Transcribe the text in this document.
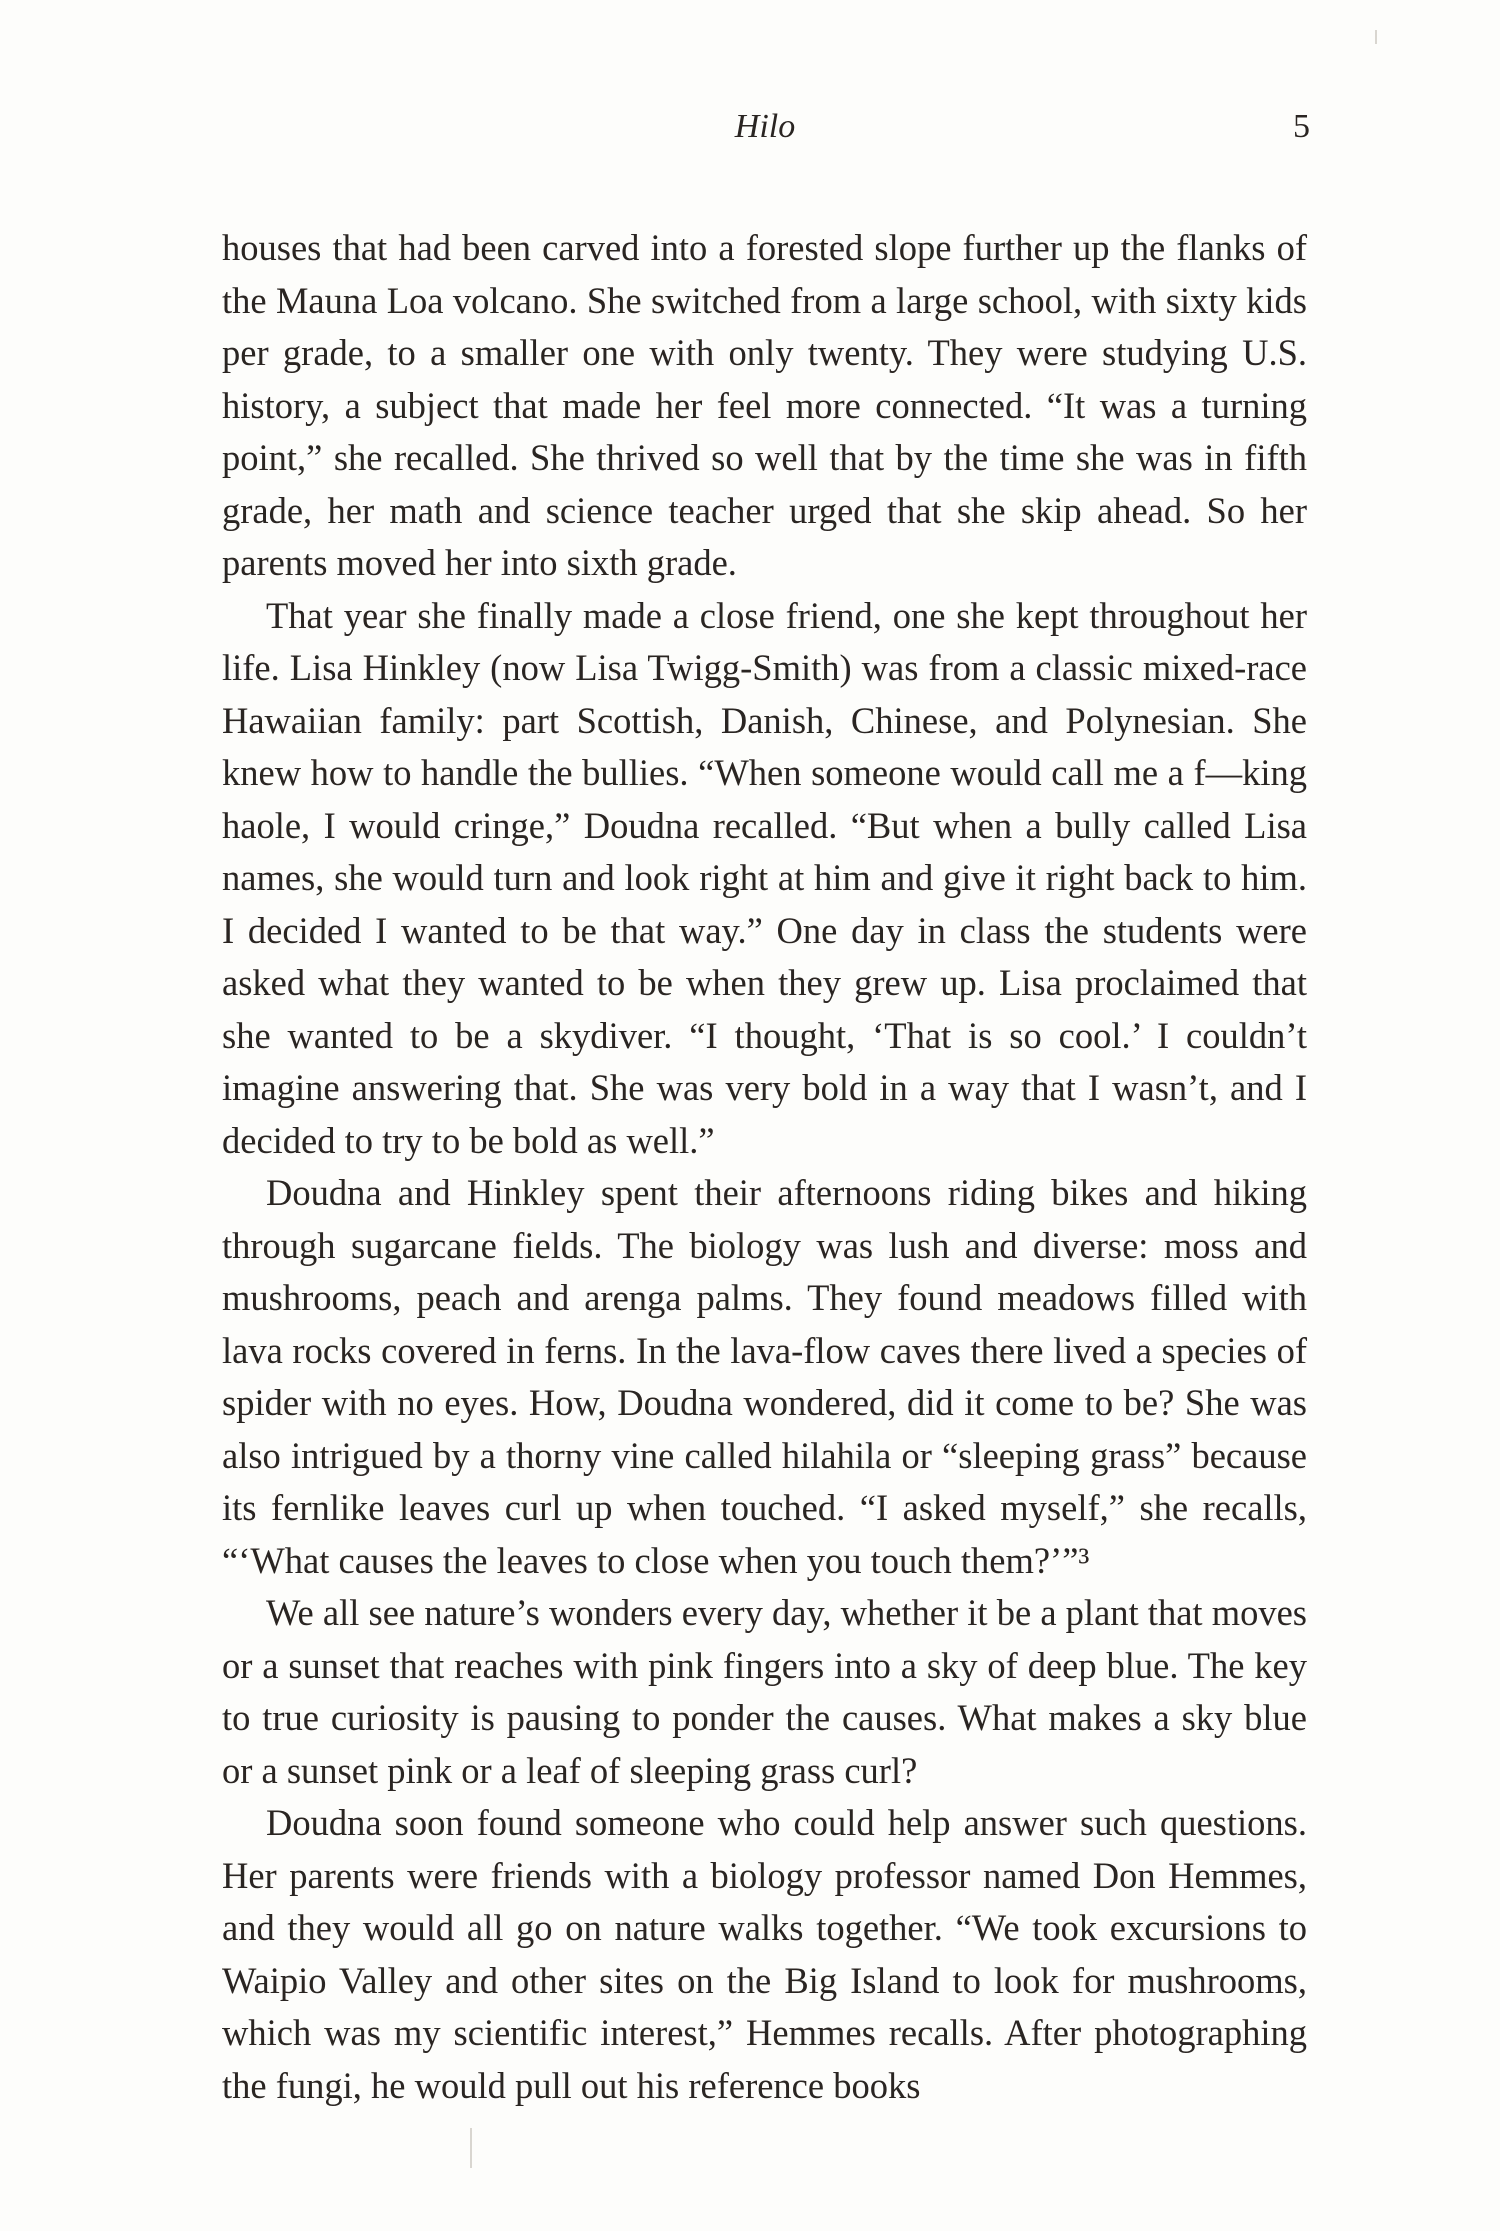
Hilo	5

houses that had been carved into a forested slope further up the flanks of the Mauna Loa volcano. She switched from a large school, with sixty kids per grade, to a smaller one with only twenty. They were studying U.S. history, a subject that made her feel more connected. “It was a turning point,” she recalled. She thrived so well that by the time she was in fifth grade, her math and science teacher urged that she skip ahead. So her parents moved her into sixth grade.

That year she finally made a close friend, one she kept throughout her life. Lisa Hinkley (now Lisa Twigg-Smith) was from a classic mixed-race Hawaiian family: part Scottish, Danish, Chinese, and Polynesian. She knew how to handle the bullies. “When someone would call me a f—king haole, I would cringe,” Doudna recalled. “But when a bully called Lisa names, she would turn and look right at him and give it right back to him. I decided I wanted to be that way.” One day in class the students were asked what they wanted to be when they grew up. Lisa proclaimed that she wanted to be a skydiver. “I thought, ‘That is so cool.’ I couldn’t imagine answering that. She was very bold in a way that I wasn’t, and I decided to try to be bold as well.”

Doudna and Hinkley spent their afternoons riding bikes and hiking through sugarcane fields. The biology was lush and diverse: moss and mushrooms, peach and arenga palms. They found meadows filled with lava rocks covered in ferns. In the lava-flow caves there lived a species of spider with no eyes. How, Doudna wondered, did it come to be? She was also intrigued by a thorny vine called hilahila or “sleeping grass” because its fernlike leaves curl up when touched. “I asked myself,” she recalls, “‘What causes the leaves to close when you touch them?’”³

We all see nature’s wonders every day, whether it be a plant that moves or a sunset that reaches with pink fingers into a sky of deep blue. The key to true curiosity is pausing to ponder the causes. What makes a sky blue or a sunset pink or a leaf of sleeping grass curl?

Doudna soon found someone who could help answer such questions. Her parents were friends with a biology professor named Don Hemmes, and they would all go on nature walks together. “We took excursions to Waipio Valley and other sites on the Big Island to look for mushrooms, which was my scientific interest,” Hemmes recalls. After photographing the fungi, he would pull out his reference books
